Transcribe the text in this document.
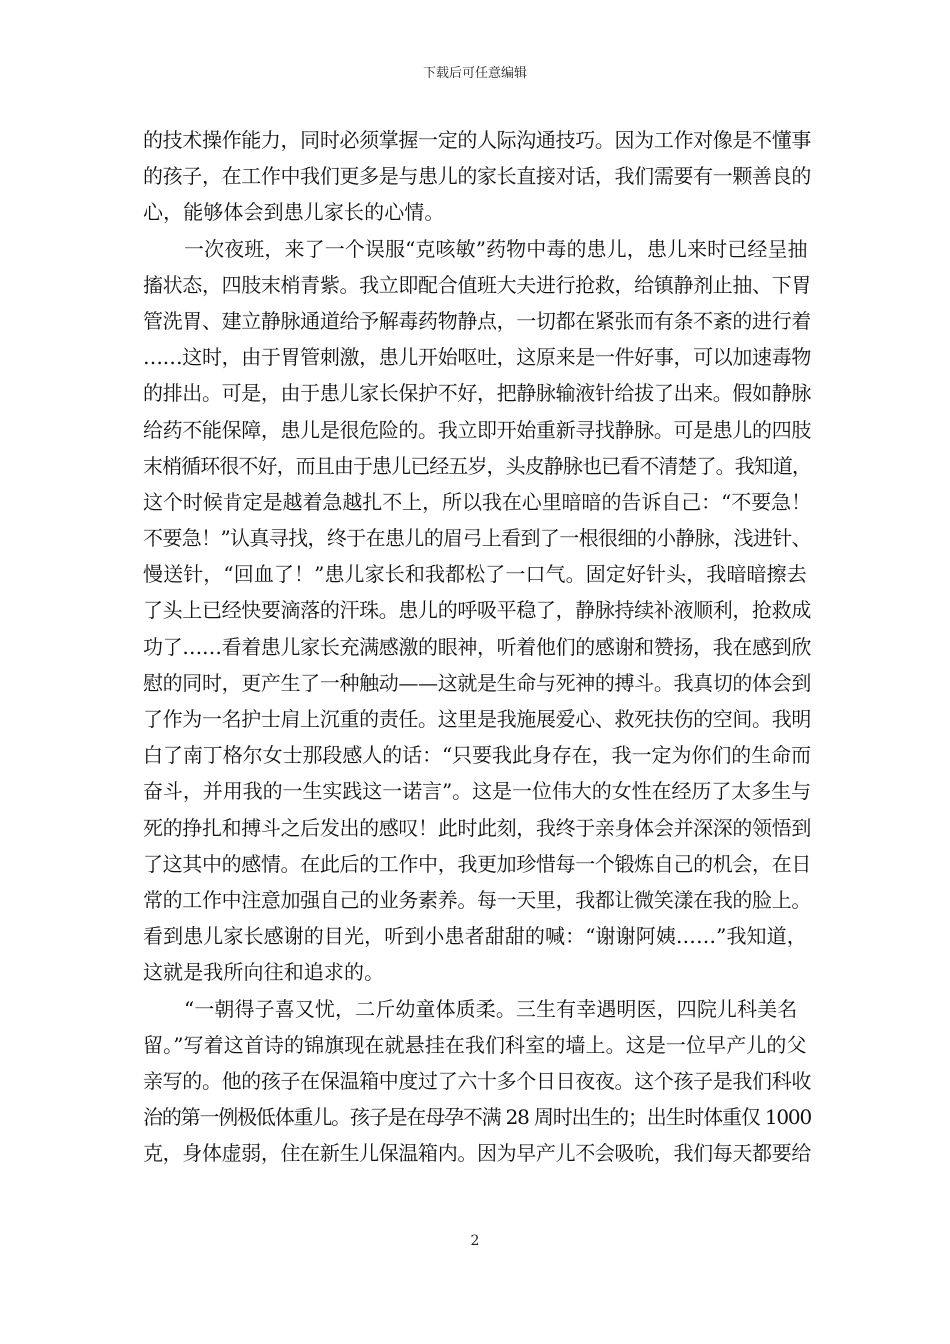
下载后可任意编辑
的技术操作能力，同时必须掌握一定的人际沟通技巧。因为工作对像是不懂事
的孩子，在工作中我们更多是与患儿的家长直接对话，我们需要有一颗善良的
心，能够体会到患儿家长的心情。
一次夜班，来了一个误服“克咳敏”药物中毒的患儿，患儿来时已经呈抽
搐状态，四肢末梢青紫。我立即配合值班大夫进行抢救，给镇静剂止抽、下胃
管洗胃、建立静脉通道给予解毒药物静点，一切都在紧张而有条不紊的进行着
……这时，由于胃管刺激，患儿开始呕吐，这原来是一件好事，可以加速毒物
的排出。可是，由于患儿家长保护不好，把静脉输液针给拔了出来。假如静脉
给药不能保障，患儿是很危险的。我立即开始重新寻找静脉。可是患儿的四肢
末梢循环很不好，而且由于患儿已经五岁，头皮静脉也已看不清楚了。我知道，
这个时候肯定是越着急越扎不上，所以我在心里暗暗的告诉自己：“不要急！
不要急！”认真寻找，终于在患儿的眉弓上看到了一根很细的小静脉，浅进针、
慢送针，“回血了！”患儿家长和我都松了一口气。固定好针头，我暗暗擦去
了头上已经快要滴落的汗珠。患儿的呼吸平稳了，静脉持续补液顺利，抢救成
功了……看着患儿家长充满感激的眼神，听着他们的感谢和赞扬，我在感到欣
慰的同时，更产生了一种触动——这就是生命与死神的搏斗。我真切的体会到
了作为一名护士肩上沉重的责任。这里是我施展爱心、救死扶伤的空间。我明
白了南丁格尔女士那段感人的话：“只要我此身存在，我一定为你们的生命而
奋斗，并用我的一生实践这一诺言”。这是一位伟大的女性在经历了太多生与
死的挣扎和搏斗之后发出的感叹！此时此刻，我终于亲身体会并深深的领悟到
了这其中的感情。在此后的工作中，我更加珍惜每一个锻炼自己的机会，在日
常的工作中注意加强自己的业务素养。每一天里，我都让微笑漾在我的脸上。
看到患儿家长感谢的目光，听到小患者甜甜的喊：“谢谢阿姨……”我知道，
这就是我所向往和追求的。
“一朝得子喜又忧，二斤幼童体质柔。三生有幸遇明医，四院儿科美名
留。”写着这首诗的锦旗现在就悬挂在我们科室的墙上。这是一位早产儿的父
亲写的。他的孩子在保温箱中度过了六十多个日日夜夜。这个孩子是我们科收
治的第一例极低体重儿。孩子是在母孕不满 28 周时出生的；出生时体重仅 1000
克，身体虚弱，住在新生儿保温箱内。因为早产儿不会吸吮，我们每天都要给
2
